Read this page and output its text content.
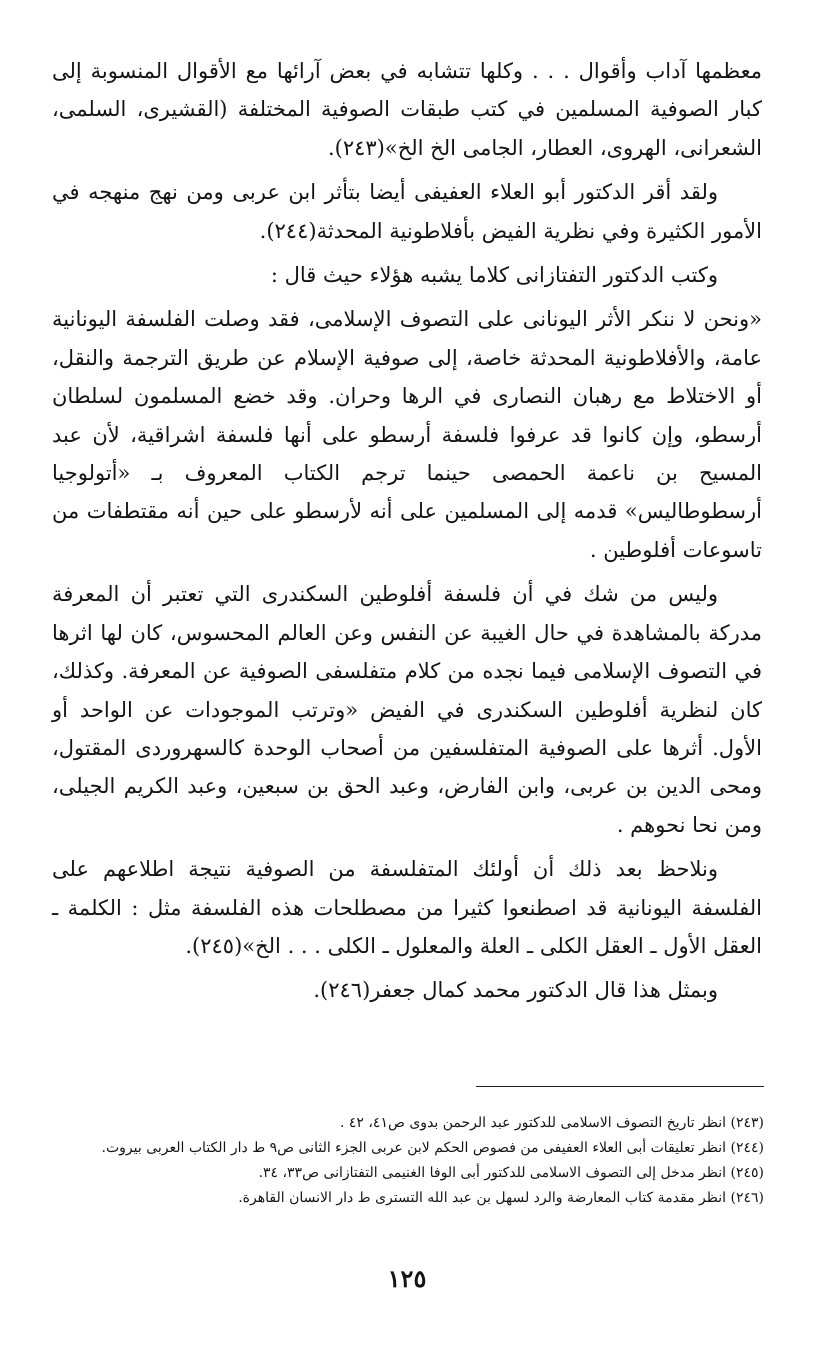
معظمها آداب وأقوال . . . وكلها تتشابه في بعض آرائها مع الأقوال المنسوبة إلى كبار الصوفية المسلمين في كتب طبقات الصوفية المختلفة (القشيرى، السلمى، الشعرانى، الهروى، العطار، الجامى الخ الخ»(٢٤٣).

ولقد أقر الدكتور أبو العلاء العفيفى أيضا بتأثر ابن عربى ومن نهج منهجه في الأمور الكثيرة وفي نظرية الفيض بأفلاطونية المحدثة(٢٤٤).

وكتب الدكتور التفتازانى كلاما يشبه هؤلاء حيث قال :

«ونحن لا ننكر الأثر اليونانى على التصوف الإسلامى، فقد وصلت الفلسفة اليونانية عامة، والأفلاطونية المحدثة خاصة، إلى صوفية الإسلام عن طريق الترجمة والنقل، أو الاختلاط مع رهبان النصارى في الرها وحران. وقد خضع المسلمون لسلطان أرسطو، وإن كانوا قد عرفوا فلسفة أرسطو على أنها فلسفة اشراقية، لأن عبد المسيح بن ناعمة الحمصى حينما ترجم الكتاب المعروف بـ «أتولوجيا أرسطوطاليس» قدمه إلى المسلمين على أنه لأرسطو على حين أنه مقتطفات من تاسوعات أفلوطين .

وليس من شك في أن فلسفة أفلوطين السكندرى التي تعتبر أن المعرفة مدركة بالمشاهدة في حال الغيبة عن النفس وعن العالم المحسوس، كان لها اثرها في التصوف الإسلامى فيما نجده من كلام متفلسفى الصوفية عن المعرفة. وكذلك، كان لنظرية أفلوطين السكندرى في الفيض «وترتب الموجودات عن الواحد أو الأول. أثرها على الصوفية المتفلسفين من أصحاب الوحدة كالسهروردى المقتول، ومحى الدين بن عربى، وابن الفارض، وعبد الحق بن سبعين، وعبد الكريم الجيلى، ومن نحا نحوهم .

ونلاحظ بعد ذلك أن أولئك المتفلسفة من الصوفية نتيجة اطلاعهم على الفلسفة اليونانية قد اصطنعوا كثيرا من مصطلحات هذه الفلسفة مثل : الكلمة ـ العقل الأول ـ العقل الكلى ـ العلة والمعلول ـ الكلى . . . الخ»(٢٤٥).

وبمثل هذا قال الدكتور محمد كمال جعفر(٢٤٦).

(٢٤٣) انظر تاريخ التصوف الاسلامى للدكتور عبد الرحمن بدوى ص٤١، ٤٢ .

(٢٤٤) انظر تعليقات أبى العلاء العفيفى من فصوص الحكم لابن عربى الجزء الثانى ص٩ ط دار الكتاب العربى بيروت.

(٢٤٥) انظر مدخل إلى التصوف الاسلامى للدكتور أبى الوفا الغنيمى التفتازانى ص٣٣، ٣٤.

(٢٤٦) انظر مقدمة كتاب المعارضة والرد لسهل بن عبد الله التسترى ط دار الانسان القاهرة.

١٢٥
